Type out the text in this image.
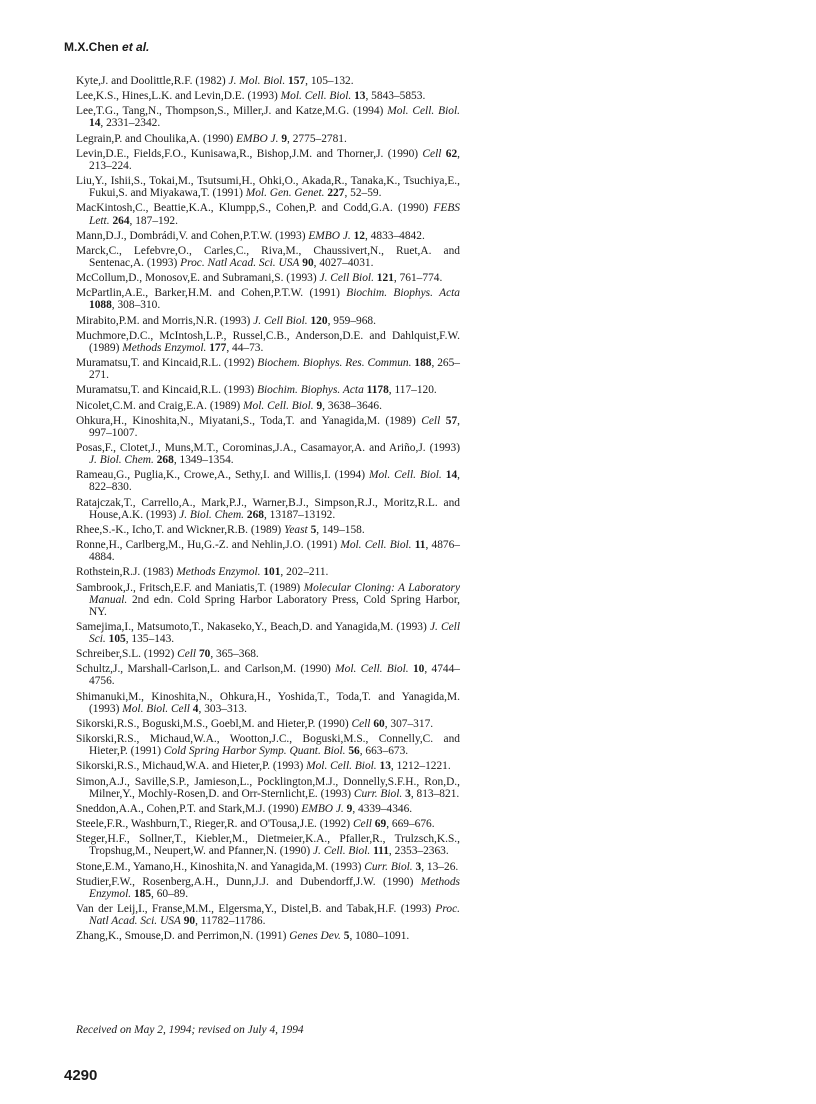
M.X.Chen et al.

Kyte,J. and Doolittle,R.F. (1982) J. Mol. Biol. 157, 105–132.

Lee,K.S., Hines,L.K. and Levin,D.E. (1993) Mol. Cell. Biol. 13, 5843–5853.

Lee,T.G., Tang,N., Thompson,S., Miller,J. and Katze,M.G. (1994) Mol. Cell. Biol. 14, 2331–2342.

Legrain,P. and Choulika,A. (1990) EMBO J. 9, 2775–2781.

Levin,D.E., Fields,F.O., Kunisawa,R., Bishop,J.M. and Thorner,J. (1990) Cell 62, 213–224.

Liu,Y., Ishii,S., Tokai,M., Tsutsumi,H., Ohki,O., Akada,R., Tanaka,K., Tsuchiya,E., Fukui,S. and Miyakawa,T. (1991) Mol. Gen. Genet. 227, 52–59.

MacKintosh,C., Beattie,K.A., Klumpp,S., Cohen,P. and Codd,G.A. (1990) FEBS Lett. 264, 187–192.

Mann,D.J., Dombrádi,V. and Cohen,P.T.W. (1993) EMBO J. 12, 4833–4842.

Marck,C., Lefebvre,O., Carles,C., Riva,M., Chaussivert,N., Ruet,A. and Sentenac,A. (1993) Proc. Natl Acad. Sci. USA 90, 4027–4031.

McCollum,D., Monosov,E. and Subramani,S. (1993) J. Cell Biol. 121, 761–774.

McPartlin,A.E., Barker,H.M. and Cohen,P.T.W. (1991) Biochim. Biophys. Acta 1088, 308–310.

Mirabito,P.M. and Morris,N.R. (1993) J. Cell Biol. 120, 959–968.

Muchmore,D.C., McIntosh,L.P., Russel,C.B., Anderson,D.E. and Dahlquist,F.W. (1989) Methods Enzymol. 177, 44–73.

Muramatsu,T. and Kincaid,R.L. (1992) Biochem. Biophys. Res. Commun. 188, 265–271.

Muramatsu,T. and Kincaid,R.L. (1993) Biochim. Biophys. Acta 1178, 117–120.

Nicolet,C.M. and Craig,E.A. (1989) Mol. Cell. Biol. 9, 3638–3646.

Ohkura,H., Kinoshita,N., Miyatani,S., Toda,T. and Yanagida,M. (1989) Cell 57, 997–1007.

Posas,F., Clotet,J., Muns,M.T., Corominas,J.A., Casamayor,A. and Ariño,J. (1993) J. Biol. Chem. 268, 1349–1354.

Rameau,G., Puglia,K., Crowe,A., Sethy,I. and Willis,I. (1994) Mol. Cell. Biol. 14, 822–830.

Ratajczak,T., Carrello,A., Mark,P.J., Warner,B.J., Simpson,R.J., Moritz,R.L. and House,A.K. (1993) J. Biol. Chem. 268, 13187–13192.

Rhee,S.-K., Icho,T. and Wickner,R.B. (1989) Yeast 5, 149–158.

Ronne,H., Carlberg,M., Hu,G.-Z. and Nehlin,J.O. (1991) Mol. Cell. Biol. 11, 4876–4884.

Rothstein,R.J. (1983) Methods Enzymol. 101, 202–211.

Sambrook,J., Fritsch,E.F. and Maniatis,T. (1989) Molecular Cloning: A Laboratory Manual. 2nd edn. Cold Spring Harbor Laboratory Press, Cold Spring Harbor, NY.

Samejima,I., Matsumoto,T., Nakaseko,Y., Beach,D. and Yanagida,M. (1993) J. Cell Sci. 105, 135–143.

Schreiber,S.L. (1992) Cell 70, 365–368.

Schultz,J., Marshall-Carlson,L. and Carlson,M. (1990) Mol. Cell. Biol. 10, 4744–4756.

Shimanuki,M., Kinoshita,N., Ohkura,H., Yoshida,T., Toda,T. and Yanagida,M. (1993) Mol. Biol. Cell 4, 303–313.

Sikorski,R.S., Boguski,M.S., Goebl,M. and Hieter,P. (1990) Cell 60, 307–317.

Sikorski,R.S., Michaud,W.A., Wootton,J.C., Boguski,M.S., Connelly,C. and Hieter,P. (1991) Cold Spring Harbor Symp. Quant. Biol. 56, 663–673.

Sikorski,R.S., Michaud,W.A. and Hieter,P. (1993) Mol. Cell. Biol. 13, 1212–1221.

Simon,A.J., Saville,S.P., Jamieson,L., Pocklington,M.J., Donnelly,S.F.H., Ron,D., Milner,Y., Mochly-Rosen,D. and Orr-Sternlicht,E. (1993) Curr. Biol. 3, 813–821.

Sneddon,A.A., Cohen,P.T. and Stark,M.J. (1990) EMBO J. 9, 4339–4346.

Steele,F.R., Washburn,T., Rieger,R. and O'Tousa,J.E. (1992) Cell 69, 669–676.

Steger,H.F., Sollner,T., Kiebler,M., Dietmeier,K.A., Pfaller,R., Trulzsch,K.S., Tropshug,M., Neupert,W. and Pfanner,N. (1990) J. Cell. Biol. 111, 2353–2363.

Stone,E.M., Yamano,H., Kinoshita,N. and Yanagida,M. (1993) Curr. Biol. 3, 13–26.

Studier,F.W., Rosenberg,A.H., Dunn,J.J. and Dubendorff,J.W. (1990) Methods Enzymol. 185, 60–89.

Van der Leij,I., Franse,M.M., Elgersma,Y., Distel,B. and Tabak,H.F. (1993) Proc. Natl Acad. Sci. USA 90, 11782–11786.

Zhang,K., Smouse,D. and Perrimon,N. (1991) Genes Dev. 5, 1080–1091.

Received on May 2, 1994; revised on July 4, 1994
4290
